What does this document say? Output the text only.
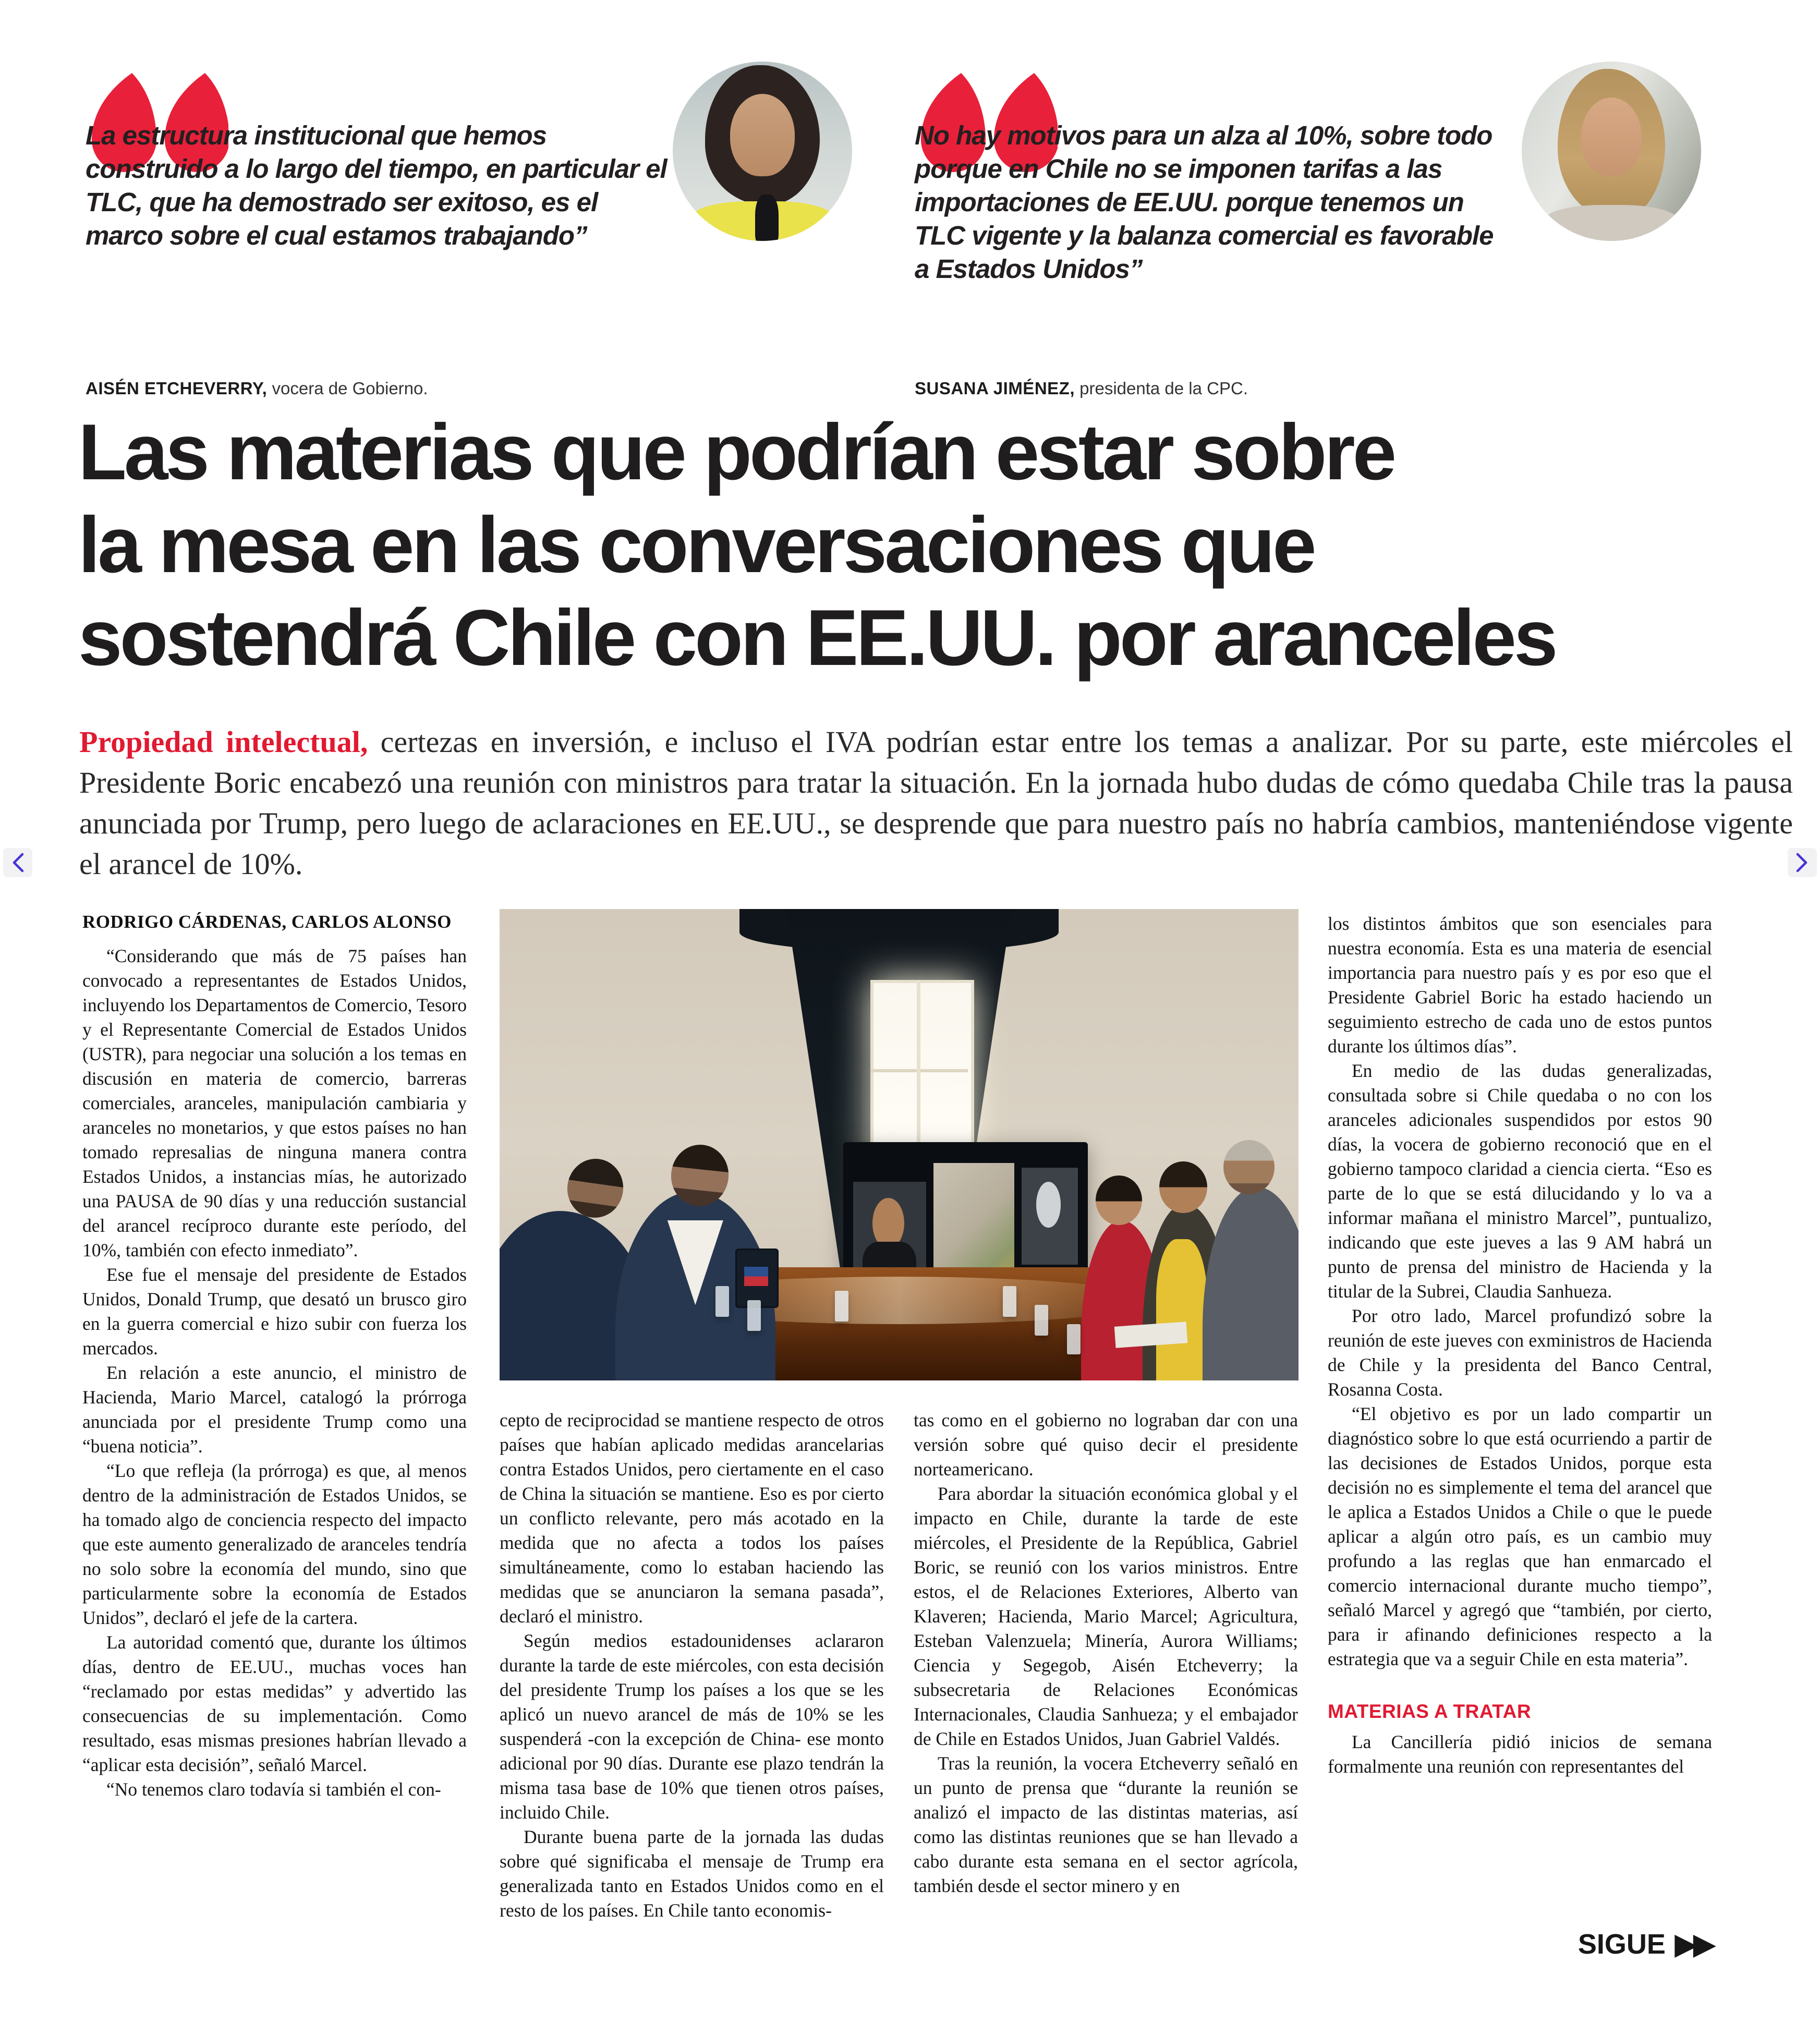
La estructura institucional que hemos construido a lo largo del tiempo, en particular el TLC, que ha demostrado ser exitoso, es el marco sobre el cual estamos trabajando”

AISÉN ETCHEVERRY, vocera de Gobierno.

No hay motivos para un alza al 10%, sobre todo porque en Chile no se imponen tarifas a las importaciones de EE.UU. porque tenemos un TLC vigente y la balanza comercial es favorable a Estados Unidos”

SUSANA JIMÉNEZ, presidenta de la CPC.

Las materias que podrían estar sobre
la mesa en las conversaciones que
sostendrá Chile con EE.UU. por aranceles

Propiedad intelectual, certezas en inversión, e incluso el IVA podrían estar entre los temas a analizar. Por su parte, este miércoles el Presidente Boric encabezó una reunión con ministros para tratar la situación. En la jornada hubo dudas de cómo quedaba Chile tras la pausa anunciada por Trump, pero luego de aclaraciones en EE.UU., se desprende que para nuestro país no habría cambios, manteniéndose vigente el arancel de 10%.

RODRIGO CÁRDENAS, CARLOS ALONSO

“Considerando que más de 75 países han convocado a representantes de Estados Unidos, incluyendo los Departamentos de Comercio, Tesoro y el Representante Comercial de Estados Unidos (USTR), para negociar una solución a los temas en discusión en materia de comercio, barreras comerciales, aranceles, manipulación cambiaria y aranceles no monetarios, y que estos países no han tomado represalias de ninguna manera contra Estados Unidos, a instancias mías, he autorizado una PAUSA de 90 días y una reducción sustancial del arancel recíproco durante este período, del 10%, también con efecto inmediato”.

Ese fue el mensaje del presidente de Estados Unidos, Donald Trump, que desató un brusco giro en la guerra comercial e hizo subir con fuerza los mercados.

En relación a este anuncio, el ministro de Hacienda, Mario Marcel, catalogó la prórroga anunciada por el presidente Trump como una “buena noticia”.

“Lo que refleja (la prórroga) es que, al menos dentro de la administración de Estados Unidos, se ha tomado algo de conciencia respecto del impacto que este aumento generalizado de aranceles tendría no solo sobre la economía del mundo, sino que particularmente sobre la economía de Estados Unidos”, declaró el jefe de la cartera.

La autoridad comentó que, durante los últimos días, dentro de EE.UU., muchas voces han “reclamado por estas medidas” y advertido las consecuencias de su implementación. Como resultado, esas mismas presiones habrían llevado a “aplicar esta decisión”, señaló Marcel.

“No tenemos claro todavía si también el con-

cepto de reciprocidad se mantiene respecto de otros países que habían aplicado medidas arancelarias contra Estados Unidos, pero ciertamente en el caso de China la situación se mantiene. Eso es por cierto un conflicto relevante, pero más acotado en la medida que no afecta a todos los países simultáneamente, como lo estaban haciendo las medidas que se anunciaron la semana pasada”, declaró el ministro.

Según medios estadounidenses aclararon durante la tarde de este miércoles, con esta decisión del presidente Trump los países a los que se les aplicó un nuevo arancel de más de 10% se les suspenderá -con la excepción de China- ese monto adicional por 90 días. Durante ese plazo tendrán la misma tasa base de 10% que tienen otros países, incluido Chile.

Durante buena parte de la jornada las dudas sobre qué significaba el mensaje de Trump era generalizada tanto en Estados Unidos como en el resto de los países. En Chile tanto economis-

tas como en el gobierno no lograban dar con una versión sobre qué quiso decir el presidente norteamericano.

Para abordar la situación económica global y el impacto en Chile, durante la tarde de este miércoles, el Presidente de la República, Gabriel Boric, se reunió con los varios ministros. Entre estos, el de Relaciones Exteriores, Alberto van Klaveren; Hacienda, Mario Marcel; Agricultura, Esteban Valenzuela; Minería, Aurora Williams; Ciencia y Segegob, Aisén Etcheverry; la subsecretaria de Relaciones Económicas Internacionales, Claudia Sanhueza; y el embajador de Chile en Estados Unidos, Juan Gabriel Valdés.

Tras la reunión, la vocera Etcheverry señaló en un punto de prensa que “durante la reunión se analizó el impacto de las distintas materias, así como las distintas reuniones que se han llevado a cabo durante esta semana en el sector agrícola, también desde el sector minero y en

los distintos ámbitos que son esenciales para nuestra economía. Esta es una materia de esencial importancia para nuestro país y es por eso que el Presidente Gabriel Boric ha estado haciendo un seguimiento estrecho de cada uno de estos puntos durante los últimos días”.

En medio de las dudas generalizadas, consultada sobre si Chile quedaba o no con los aranceles adicionales suspendidos por estos 90 días, la vocera de gobierno reconoció que en el gobierno tampoco claridad a ciencia cierta. “Eso es parte de lo que se está dilucidando y lo va a informar mañana el ministro Marcel”, puntualizo, indicando que este jueves a las 9 AM habrá un punto de prensa del ministro de Hacienda y la titular de la Subrei, Claudia Sanhueza.

Por otro lado, Marcel profundizó sobre la reunión de este jueves con exministros de Hacienda de Chile y la presidenta del Banco Central, Rosanna Costa.

“El objetivo es por un lado compartir un diagnóstico sobre lo que está ocurriendo a partir de las decisiones de Estados Unidos, porque esta decisión no es simplemente el tema del arancel que le aplica a Estados Unidos a Chile o que le puede aplicar a algún otro país, es un cambio muy profundo a las reglas que han enmarcado el comercio internacional durante mucho tiempo”, señaló Marcel y agregó que “también, por cierto, para ir afinando definiciones respecto a la estrategia que va a seguir Chile en esta materia”.

MATERIAS A TRATAR

La Cancillería pidió inicios de semana formalmente una reunión con representantes del

SIGUE ▶▶
